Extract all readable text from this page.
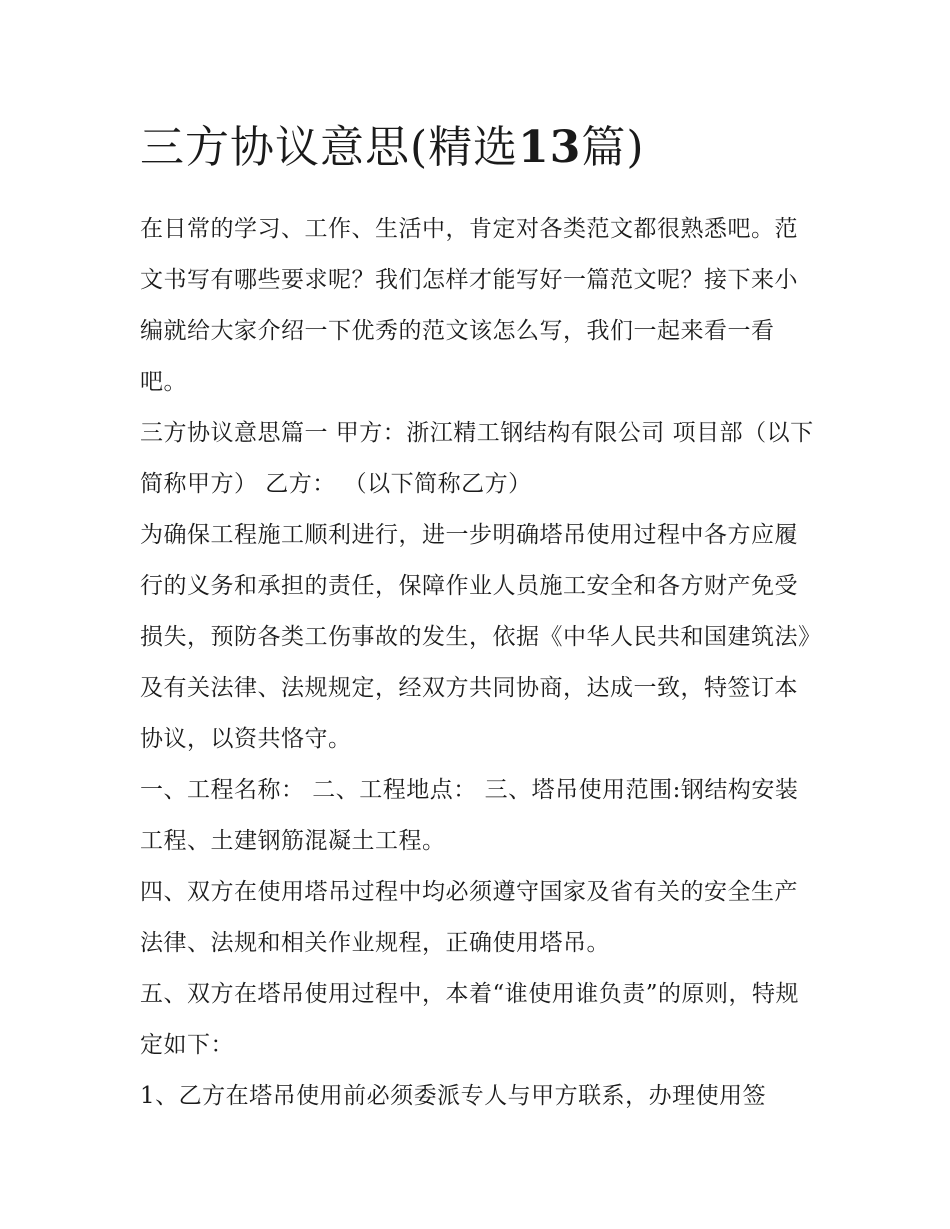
三方协议意思(精选13篇)

在日常的学习、工作、生活中，肯定对各类范文都很熟悉吧。范文书写有哪些要求呢？我们怎样才能写好一篇范文呢？接下来小编就给大家介绍一下优秀的范文该怎么写，我们一起来看一看吧。

三方协议意思篇一 甲方：浙江精工钢结构有限公司 项目部（以下简称甲方） 乙方： （以下简称乙方）

为确保工程施工顺利进行，进一步明确塔吊使用过程中各方应履行的义务和承担的责任，保障作业人员施工安全和各方财产免受损失，预防各类工伤事故的发生，依据《中华人民共和国建筑法》及有关法律、法规规定，经双方共同协商，达成一致，特签订本协议，以资共恪守。

一、工程名称： 二、工程地点： 三、塔吊使用范围:钢结构安装工程、土建钢筋混凝土工程。

四、双方在使用塔吊过程中均必须遵守国家及省有关的安全生产法律、法规和相关作业规程，正确使用塔吊。

五、双方在塔吊使用过程中，本着“谁使用谁负责”的原则，特规定如下：

1、乙方在塔吊使用前必须委派专人与甲方联系，办理使用签
